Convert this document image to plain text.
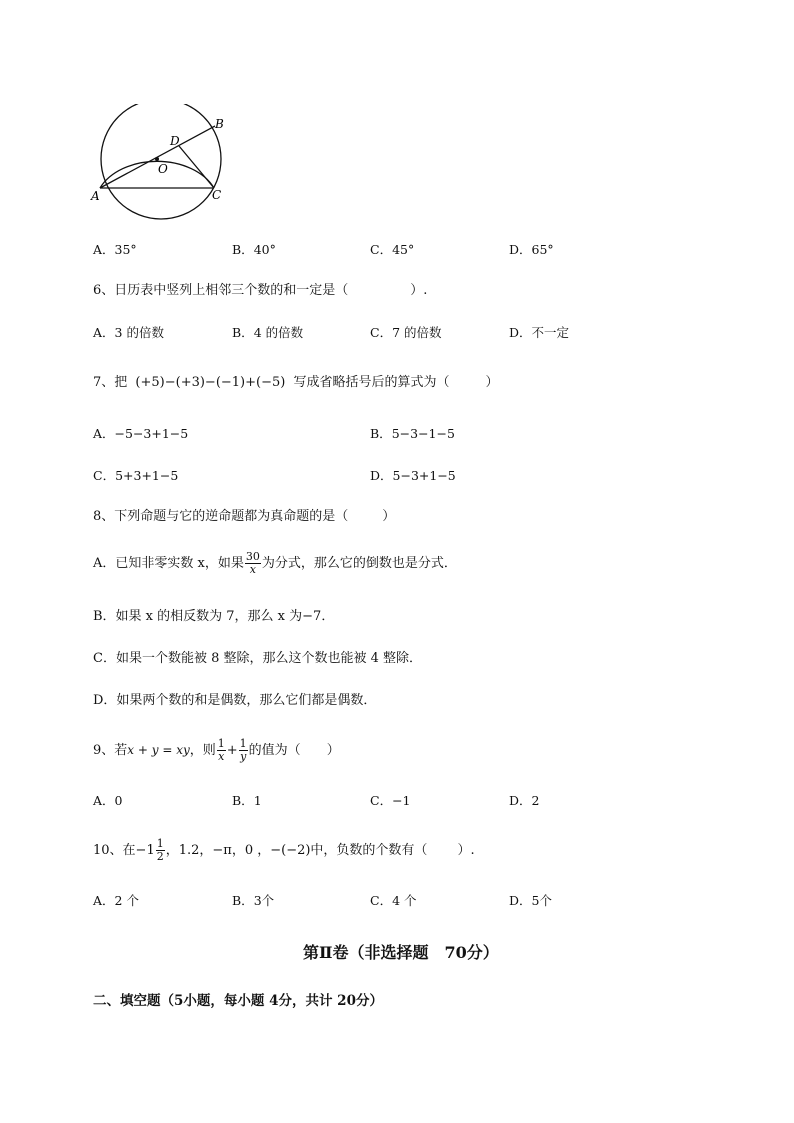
A
B
C
D
O
A．35°	B．40°	C．45°	D．65°
6、日历表中竖列上相邻三个数的和一定是（	）.
A．3 的倍数	B．4 的倍数	C．7 的倍数	D．不一定
7、把 (+5)−(+3)−(−1)+(−5) 写成省略括号后的算式为（	）
A．−5−3+1−5	B．5−3−1−5
C．5+3+1−5	D．5−3+1−5
8、下列命题与它的逆命题都为真命题的是（	）
A．已知非零实数 x，如果 $\frac{30}{x}$ 为分式，那么它的倒数也是分式．
B．如果 x 的相反数为 7，那么 x 为−7．
C．如果一个数能被 8 整除，那么这个数也能被 4 整除．
D．如果两个数的和是偶数，那么它们都是偶数．
9、若x + y = xy，则 $\frac{1}{x} + \frac{1}{y}$ 的值为（ ）
A．0	B．1	C．−1	D．2
10、在$-1 \frac{1}{2}$ ，1.2，−π，0 ，−(−2)中，负数的个数有（ ）.
A．2 个	B．3个	C．4 个	D．5个
第Ⅱ卷（非选择题　70分）
二、填空题（5小题，每小题 4分，共计 20分）
